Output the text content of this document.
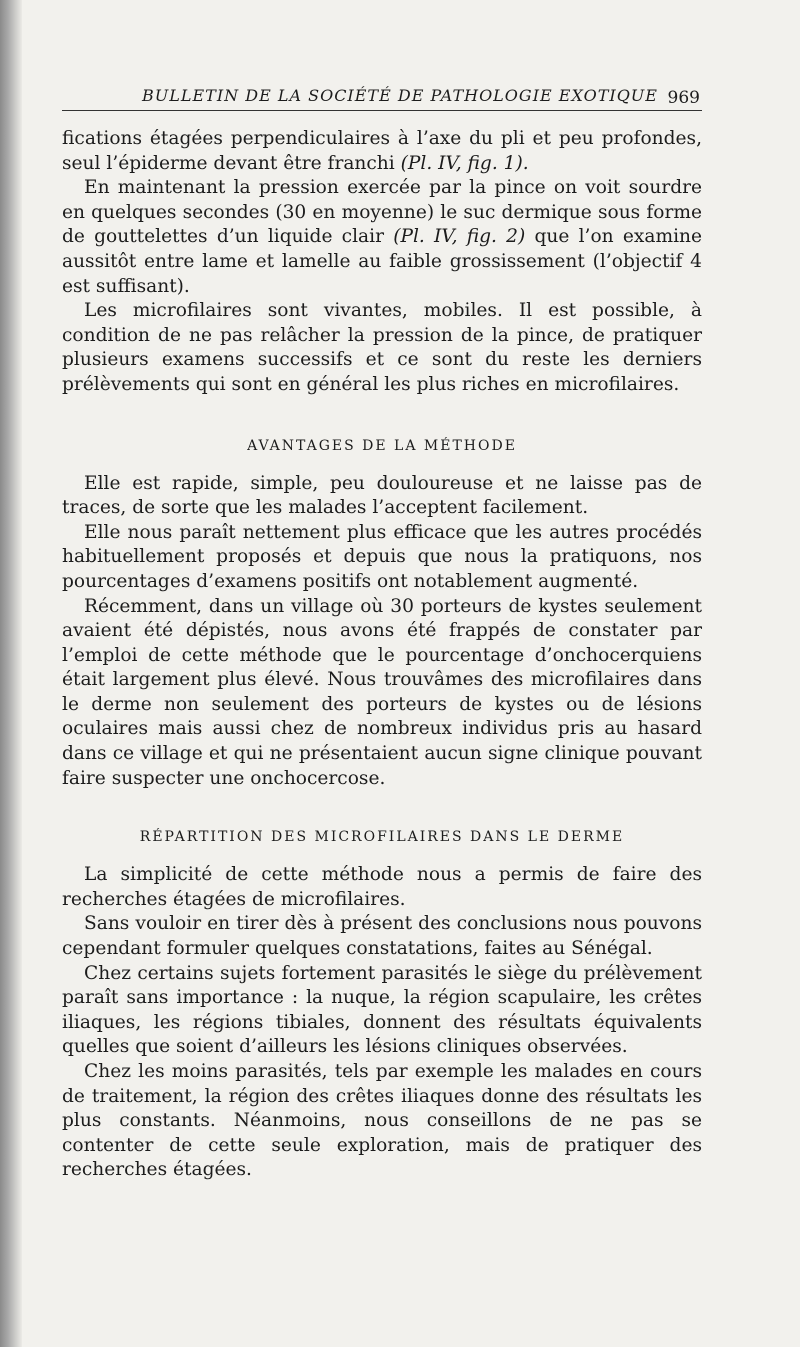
BULLETIN DE LA SOCIÉTÉ DE PATHOLOGIE EXOTIQUE 969

fications étagées perpendiculaires à l’axe du pli et peu profondes, seul l’épiderme devant être franchi (Pl. IV, fig. 1).

En maintenant la pression exercée par la pince on voit sourdre en quelques secondes (30 en moyenne) le suc dermique sous forme de gouttelettes d’un liquide clair (Pl. IV, fig. 2) que l’on examine aussitôt entre lame et lamelle au faible grossissement (l’objectif 4 est suffisant).

Les microfilaires sont vivantes, mobiles. Il est possible, à condition de ne pas relâcher la pression de la pince, de pratiquer plusieurs examens successifs et ce sont du reste les derniers prélèvements qui sont en général les plus riches en microfilaires.

AVANTAGES DE LA MÉTHODE

Elle est rapide, simple, peu douloureuse et ne laisse pas de traces, de sorte que les malades l’acceptent facilement.

Elle nous paraît nettement plus efficace que les autres procédés habituellement proposés et depuis que nous la pratiquons, nos pourcentages d’examens positifs ont notablement augmenté.

Récemment, dans un village où 30 porteurs de kystes seulement avaient été dépistés, nous avons été frappés de constater par l’emploi de cette méthode que le pourcentage d’onchocerquiens était largement plus élevé. Nous trouvâmes des microfilaires dans le derme non seulement des porteurs de kystes ou de lésions oculaires mais aussi chez de nombreux individus pris au hasard dans ce village et qui ne présentaient aucun signe clinique pouvant faire suspecter une onchocercose.

RÉPARTITION DES MICROFILAIRES DANS LE DERME

La simplicité de cette méthode nous a permis de faire des recherches étagées de microfilaires.

Sans vouloir en tirer dès à présent des conclusions nous pouvons cependant formuler quelques constatations, faites au Sénégal.

Chez certains sujets fortement parasités le siège du prélèvement paraît sans importance : la nuque, la région scapulaire, les crêtes iliaques, les régions tibiales, donnent des résultats équivalents quelles que soient d’ailleurs les lésions cliniques observées.

Chez les moins parasités, tels par exemple les malades en cours de traitement, la région des crêtes iliaques donne des résultats les plus constants. Néanmoins, nous conseillons de ne pas se contenter de cette seule exploration, mais de pratiquer des recherches étagées.
